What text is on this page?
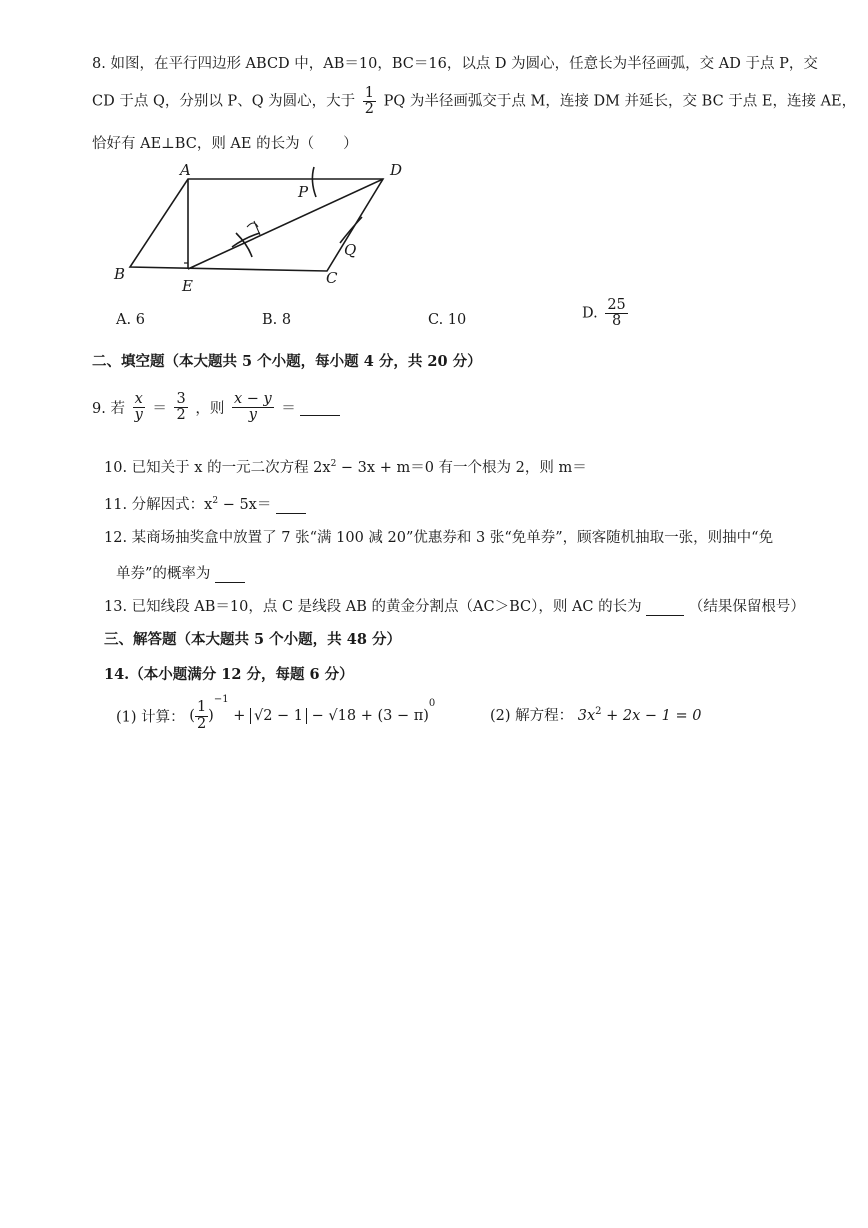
8. 如图，在平行四边形 ABCD 中，AB＝10，BC＝16，以点 D 为圆心，任意长为半径画弧，交 AD 于点 P，交
CD 于点 Q，分别以 P、Q 为圆心，大于 $\frac{1}{2}$ PQ 为半径画弧交于点 M，连接 DM 并延长，交 BC 于点 E，连接 AE，
恰好有 AE⊥BC，则 AE 的长为（　　）
A	D
P
Q
B
E	C
A. 6	B. 8	C. 10	D. $\frac{25}{8}$
二、填空题（本大题共 5 个小题，每小题 4 分，共 20 分）
9. 若 $\frac{x}{y} = \frac{3}{2}$ ，则 $\frac{x - y}{y}$ ＝
10. 已知关于 x 的一元二次方程 $2x^2 - 3x + m=0$ 有一个根为 2，则 m＝
11. 分解因式：$x^2 - 5x=$
12. 某商场抽奖盒中放置了 7 张“满 100 减 20”优惠券和 3 张“免单券”，顾客随机抽取一张，则抽中“免
单券”的概率为
13. 已知线段 AB＝10，点 C 是线段 AB 的黄金分割点（AC＞BC），则 AC 的长为	（结果保留根号）
三、解答题（本大题共 5 个小题，共 48 分）
14.（本小题满分 12 分，每题 6 分）
(1) 计算： ( $\frac{1}{2} )^{-1} + √2 - 1 - √18 + (3 - \pi)^0$
(2) 解方程： $3x^2 + 2x - 1 = 0$
